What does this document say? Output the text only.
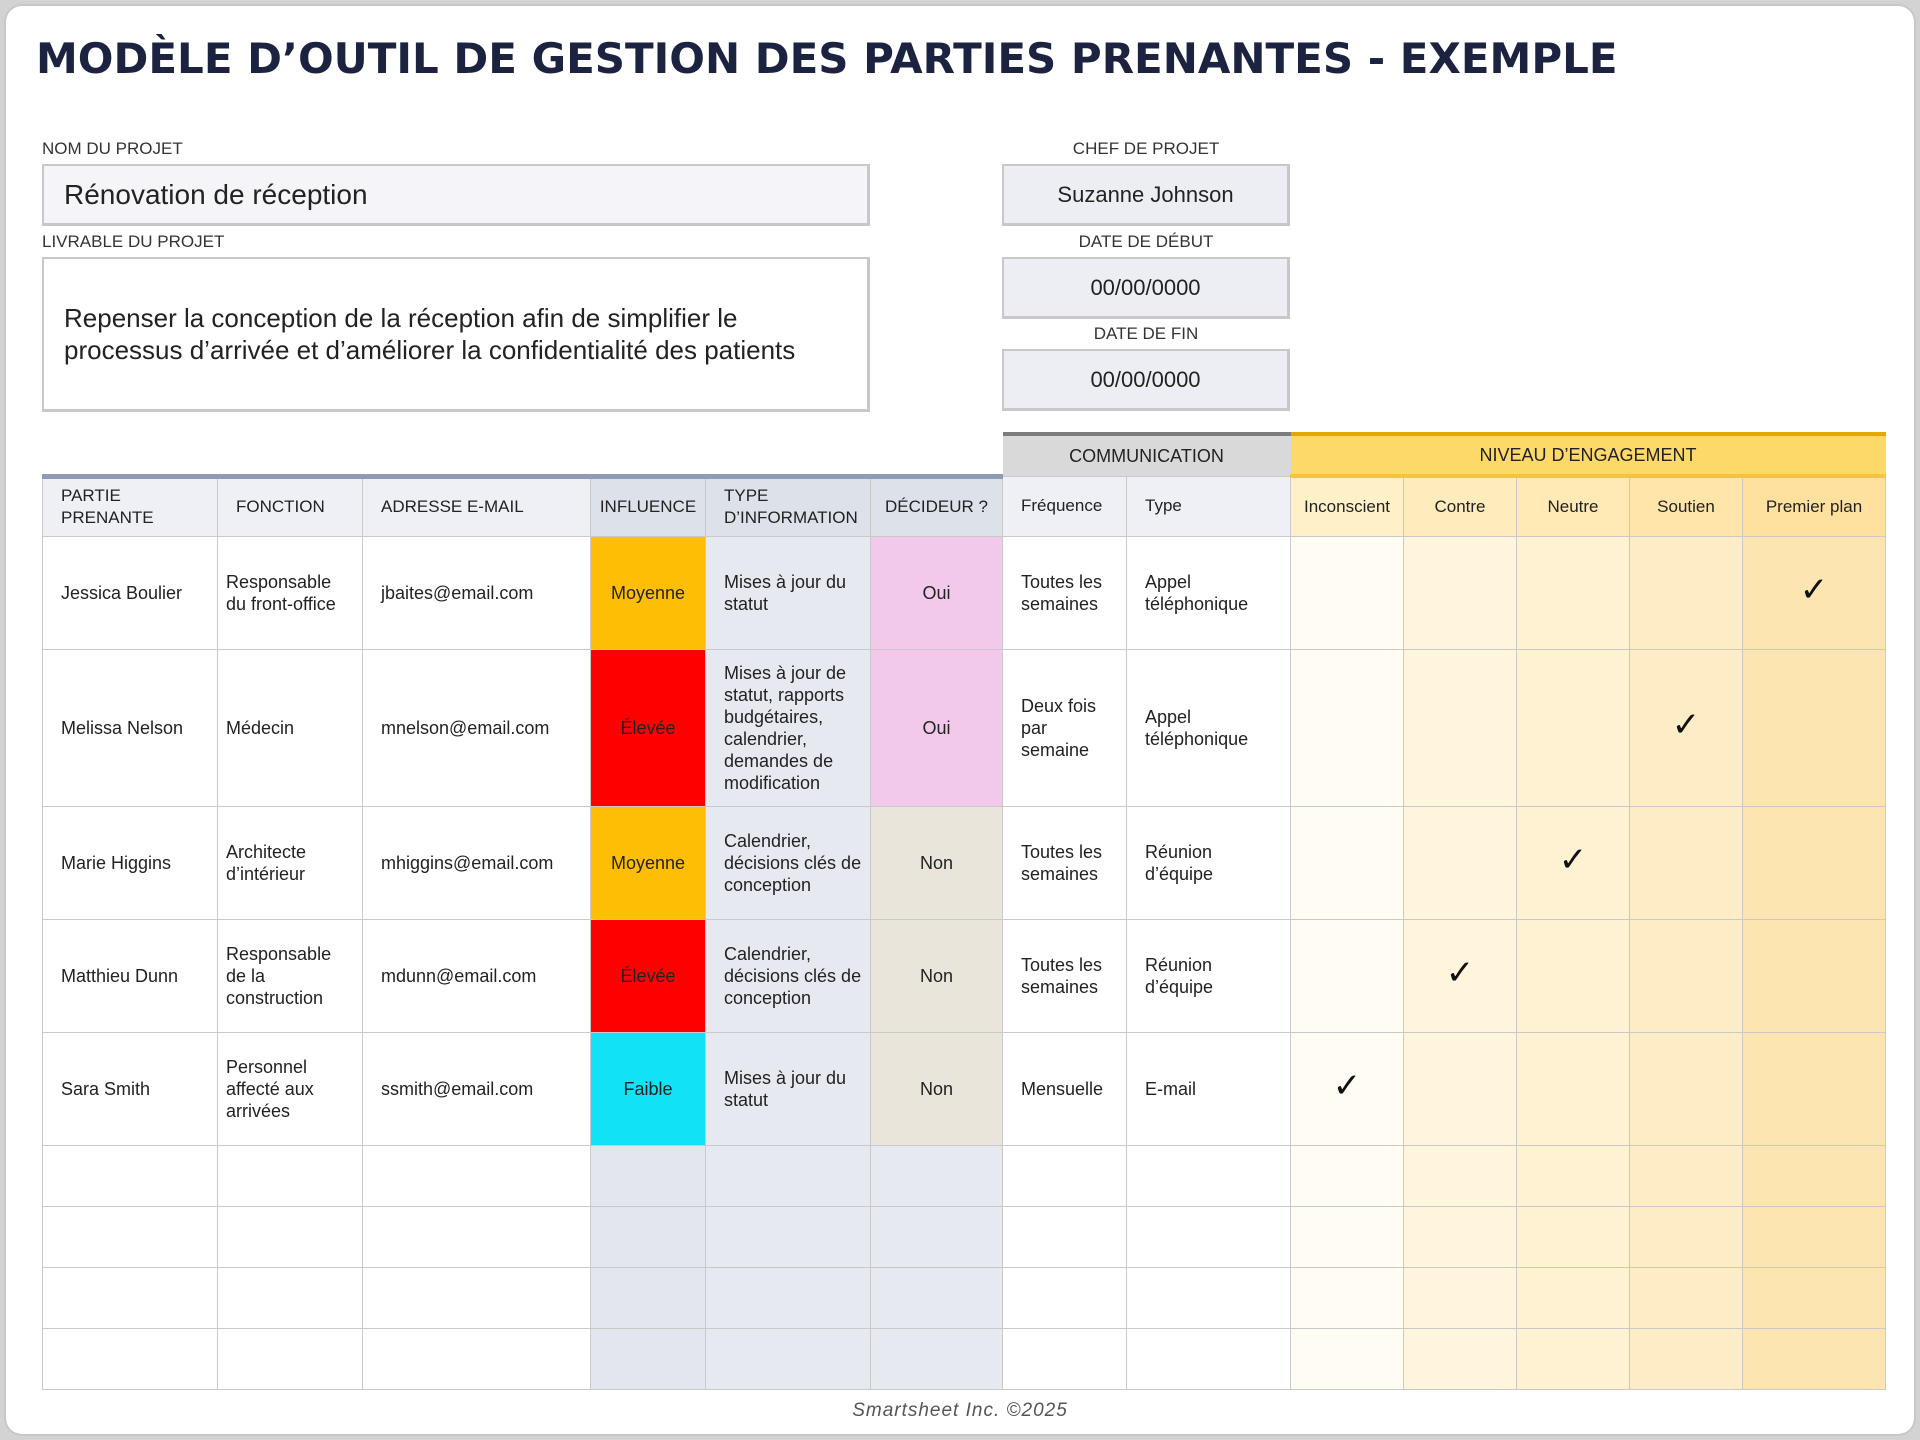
MODÈLE D’OUTIL DE GESTION DES PARTIES PRENANTES - EXEMPLE
NOM DU PROJET
Rénovation de réception
LIVRABLE DU PROJET
Repenser la conception de la réception afin de simplifier le processus d’arrivée et d’améliorer la confidentialité des patients
CHEF DE PROJET
Suzanne Johnson
DATE DE DÉBUT
00/00/0000
DATE DE FIN
00/00/0000
						COMMUNICATION		NIVEAU D’ENGAGEMENT				
PARTIE PRENANTE	FONCTION	ADRESSE E-MAIL	INFLUENCE	TYPE D’INFORMATION	DÉCIDEUR ?	Fréquence	Type	Inconscient	Contre	Neutre	Soutien	Premier plan
Jessica Boulier	Responsable du front-office	jbaites@email.com	Moyenne	Mises à jour du statut	Oui	Toutes les semaines	Appel téléphonique					✓
Melissa Nelson	Médecin	mnelson@email.com	Élevée	Mises à jour de statut, rapports budgétaires, calendrier, demandes de modification	Oui	Deux fois par semaine	Appel téléphonique				✓	
Marie Higgins	Architecte d’intérieur	mhiggins@email.com	Moyenne	Calendrier, décisions clés de conception	Non	Toutes les semaines	Réunion d’équipe			✓		
Matthieu Dunn	Responsable de la construction	mdunn@email.com	Élevée	Calendrier, décisions clés de conception	Non	Toutes les semaines	Réunion d’équipe		✓			
Sara Smith	Personnel affecté aux arrivées	ssmith@email.com	Faible	Mises à jour du statut	Non	Mensuelle	E-mail	✓				

Smartsheet Inc. ©2025
